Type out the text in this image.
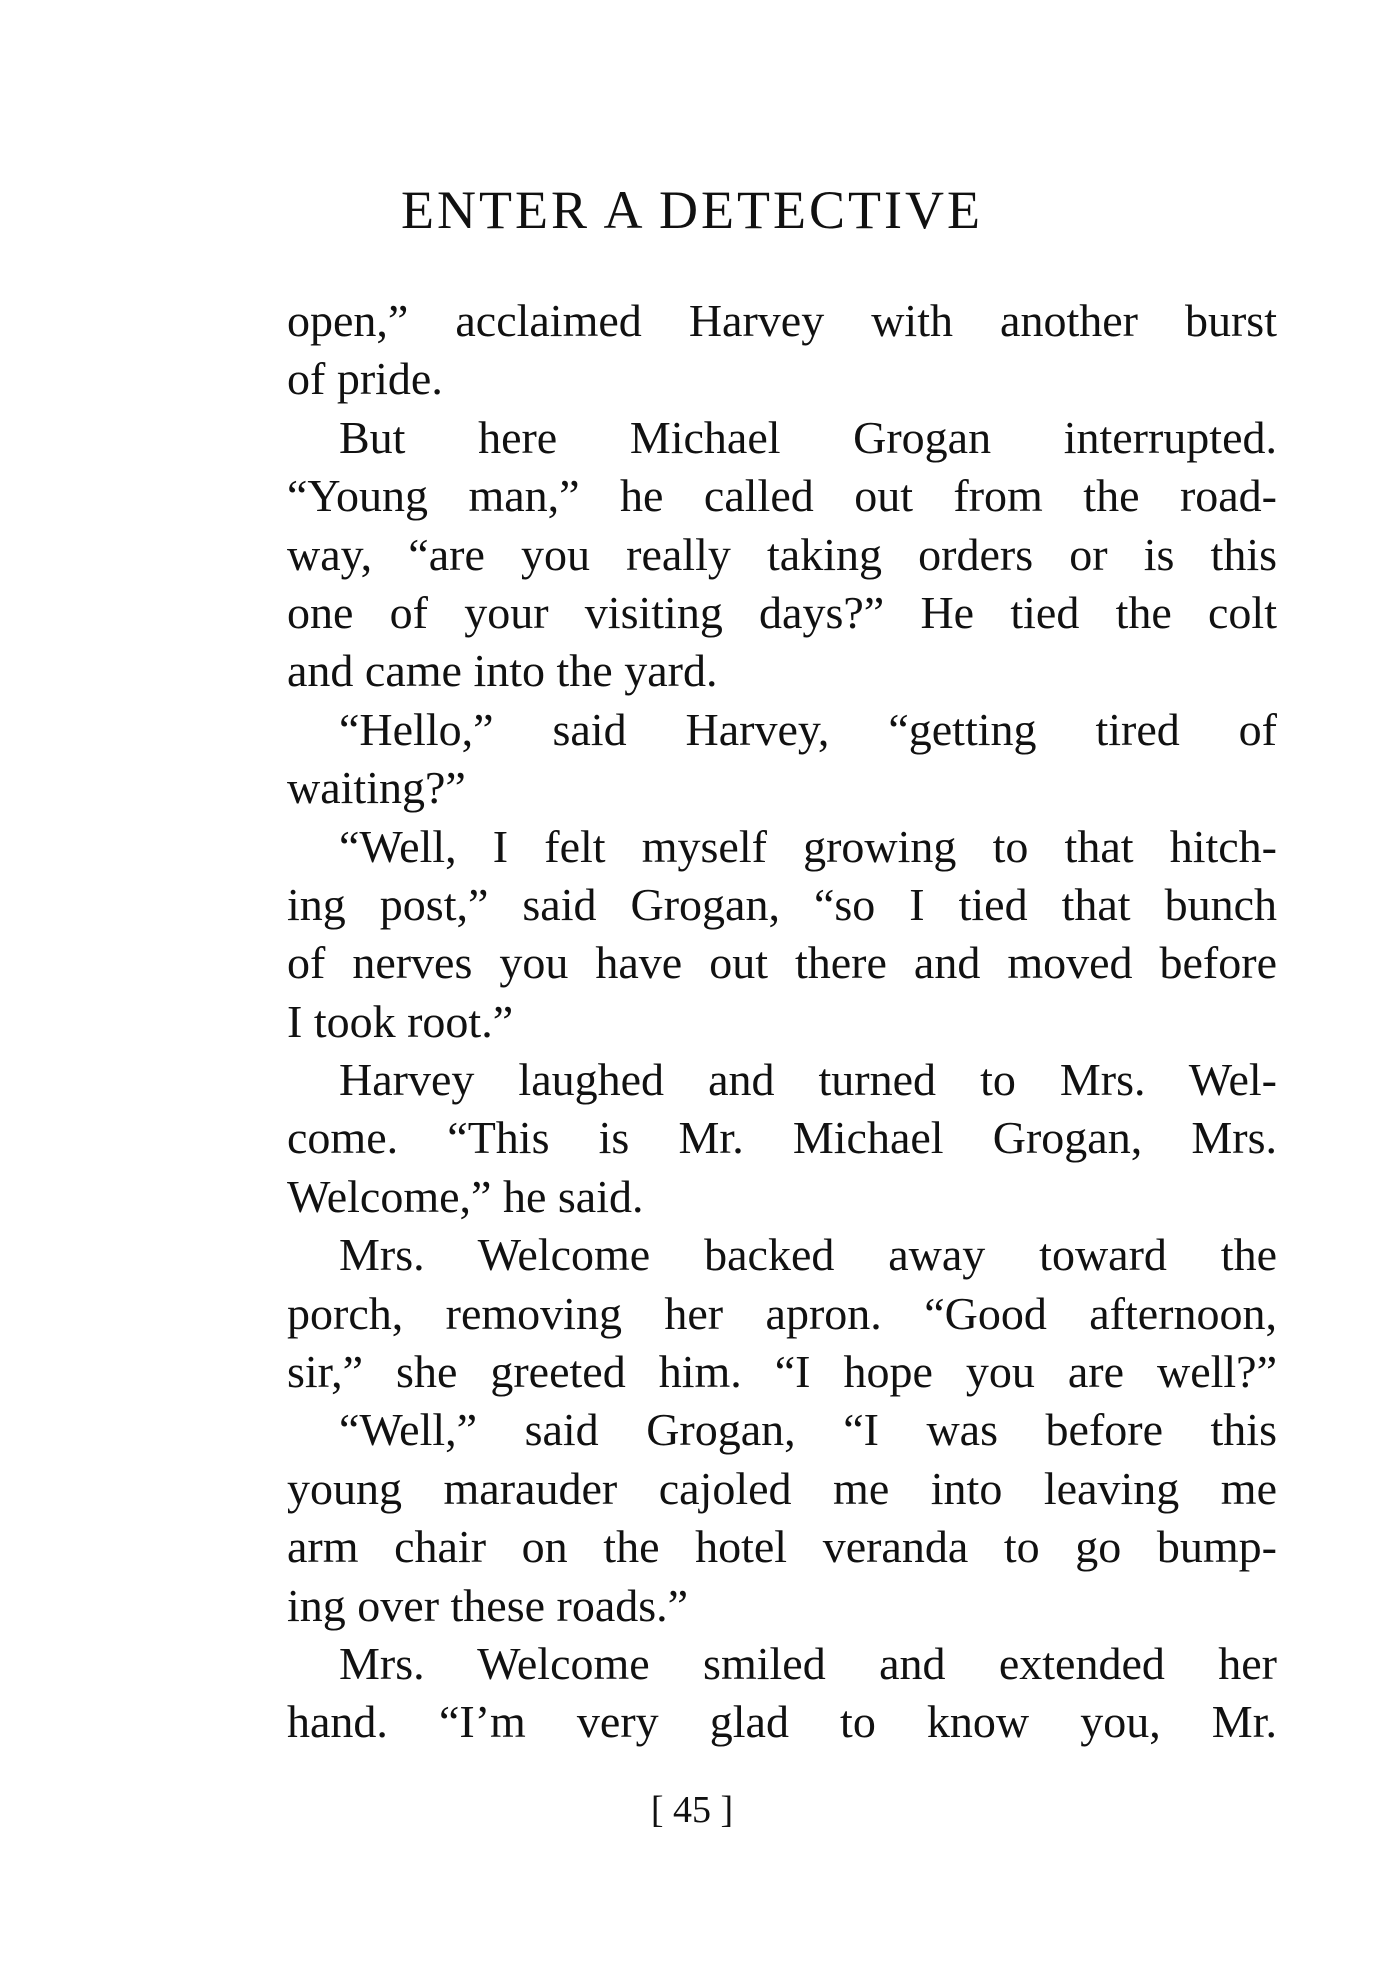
ENTER A DETECTIVE
open,” acclaimed Harvey with another burst
of pride.
But here Michael Grogan interrupted.
“Young man,” he called out from the road-
way, “are you really taking orders or is this
one of your visiting days?” He tied the colt
and came into the yard.
“Hello,” said Harvey, “getting tired of
waiting?”
“Well, I felt myself growing to that hitch-
ing post,” said Grogan, “so I tied that bunch
of nerves you have out there and moved before
I took root.”
Harvey laughed and turned to Mrs. Wel-
come. “This is Mr. Michael Grogan, Mrs.
Welcome,” he said.
Mrs. Welcome backed away toward the
porch, removing her apron. “Good afternoon,
sir,” she greeted him. “I hope you are well?”
“Well,” said Grogan, “I was before this
young marauder cajoled me into leaving me
arm chair on the hotel veranda to go bump-
ing over these roads.”
Mrs. Welcome smiled and extended her
hand. “I’m very glad to know you, Mr.

[ 45 ]
